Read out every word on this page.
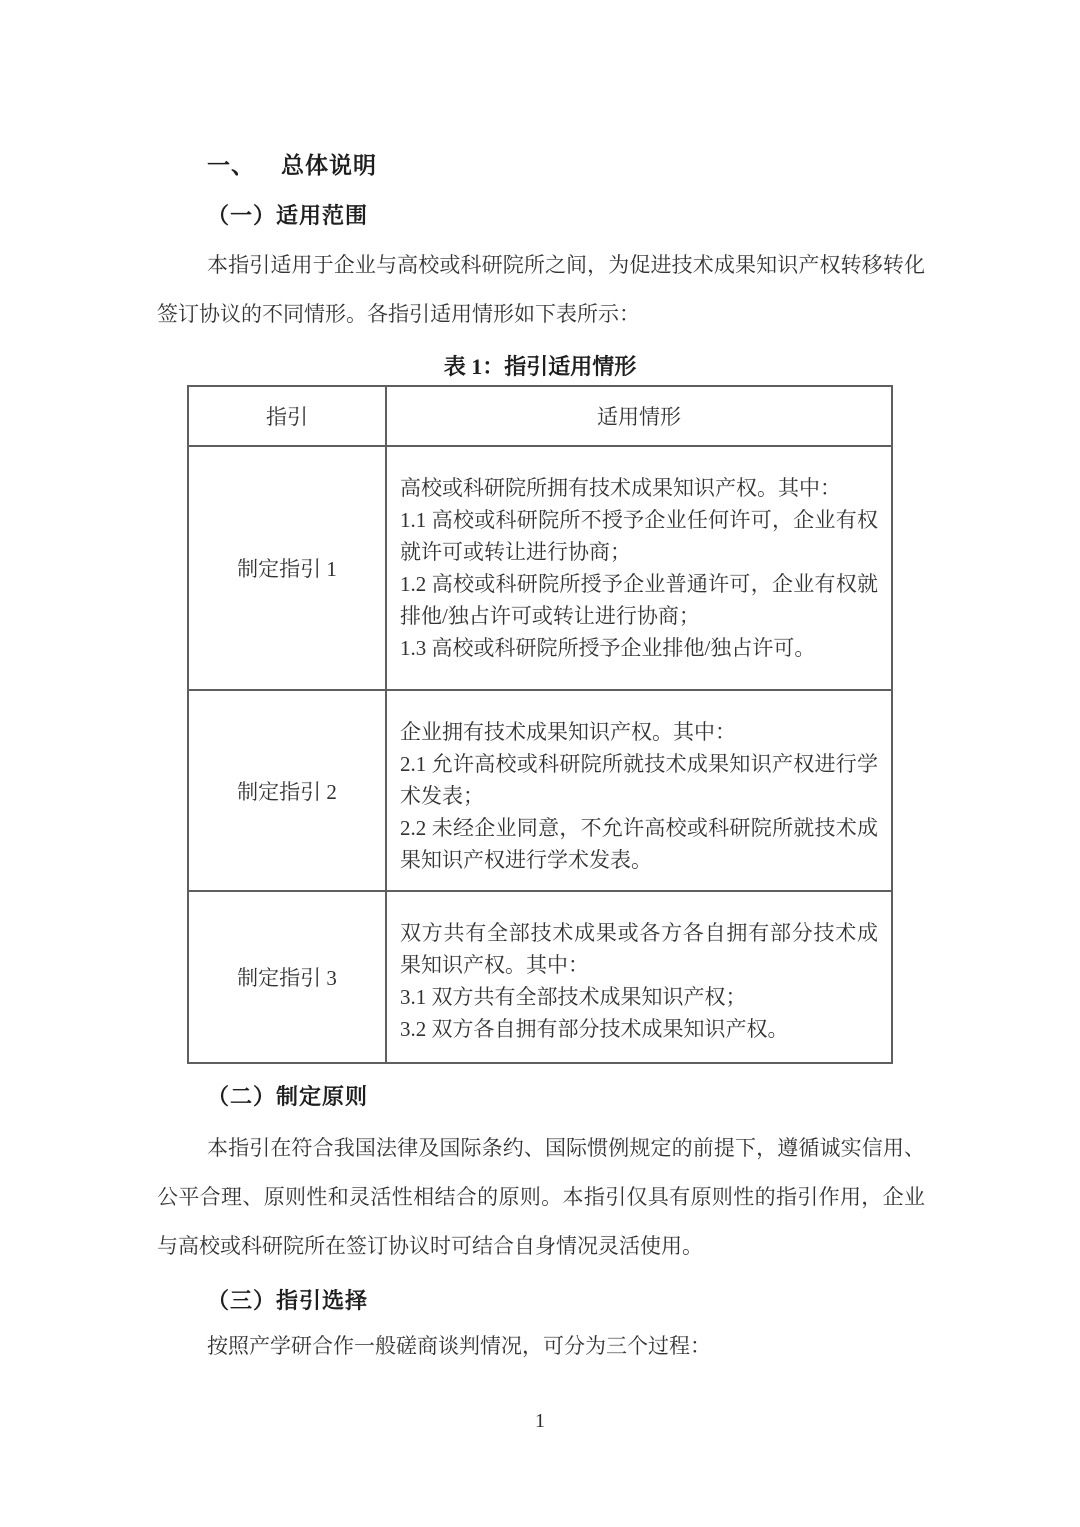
一、 总体说明
（一）适用范围

本指引适用于企业与高校或科研院所之间，为促进技术成果知识产权转移转化签订协议的不同情形。各指引适用情形如下表所示：

表 1：指引适用情形
指引	适用情形
制定指引 1	高校或科研院所拥有技术成果知识产权。其中：
1.1 高校或科研院所不授予企业任何许可，企业有权就许可或转让进行协商；
1.2 高校或科研院所授予企业普通许可，企业有权就排他/独占许可或转让进行协商；
1.3 高校或科研院所授予企业排他/独占许可。

制定指引 2	企业拥有技术成果知识产权。其中：
2.1 允许高校或科研院所就技术成果知识产权进行学术发表；
2.2 未经企业同意，不允许高校或科研院所就技术成果知识产权进行学术发表。

制定指引 3	双方共有全部技术成果或各方各自拥有部分技术成果知识产权。其中：
3.1 双方共有全部技术成果知识产权；
3.2 双方各自拥有部分技术成果知识产权。
（二）制定原则

本指引在符合我国法律及国际条约、国际惯例规定的前提下，遵循诚实信用、公平合理、原则性和灵活性相结合的原则。本指引仅具有原则性的指引作用，企业与高校或科研院所在签订协议时可结合自身情况灵活使用。

（三）指引选择

按照产学研合作一般磋商谈判情况，可分为三个过程：

1
